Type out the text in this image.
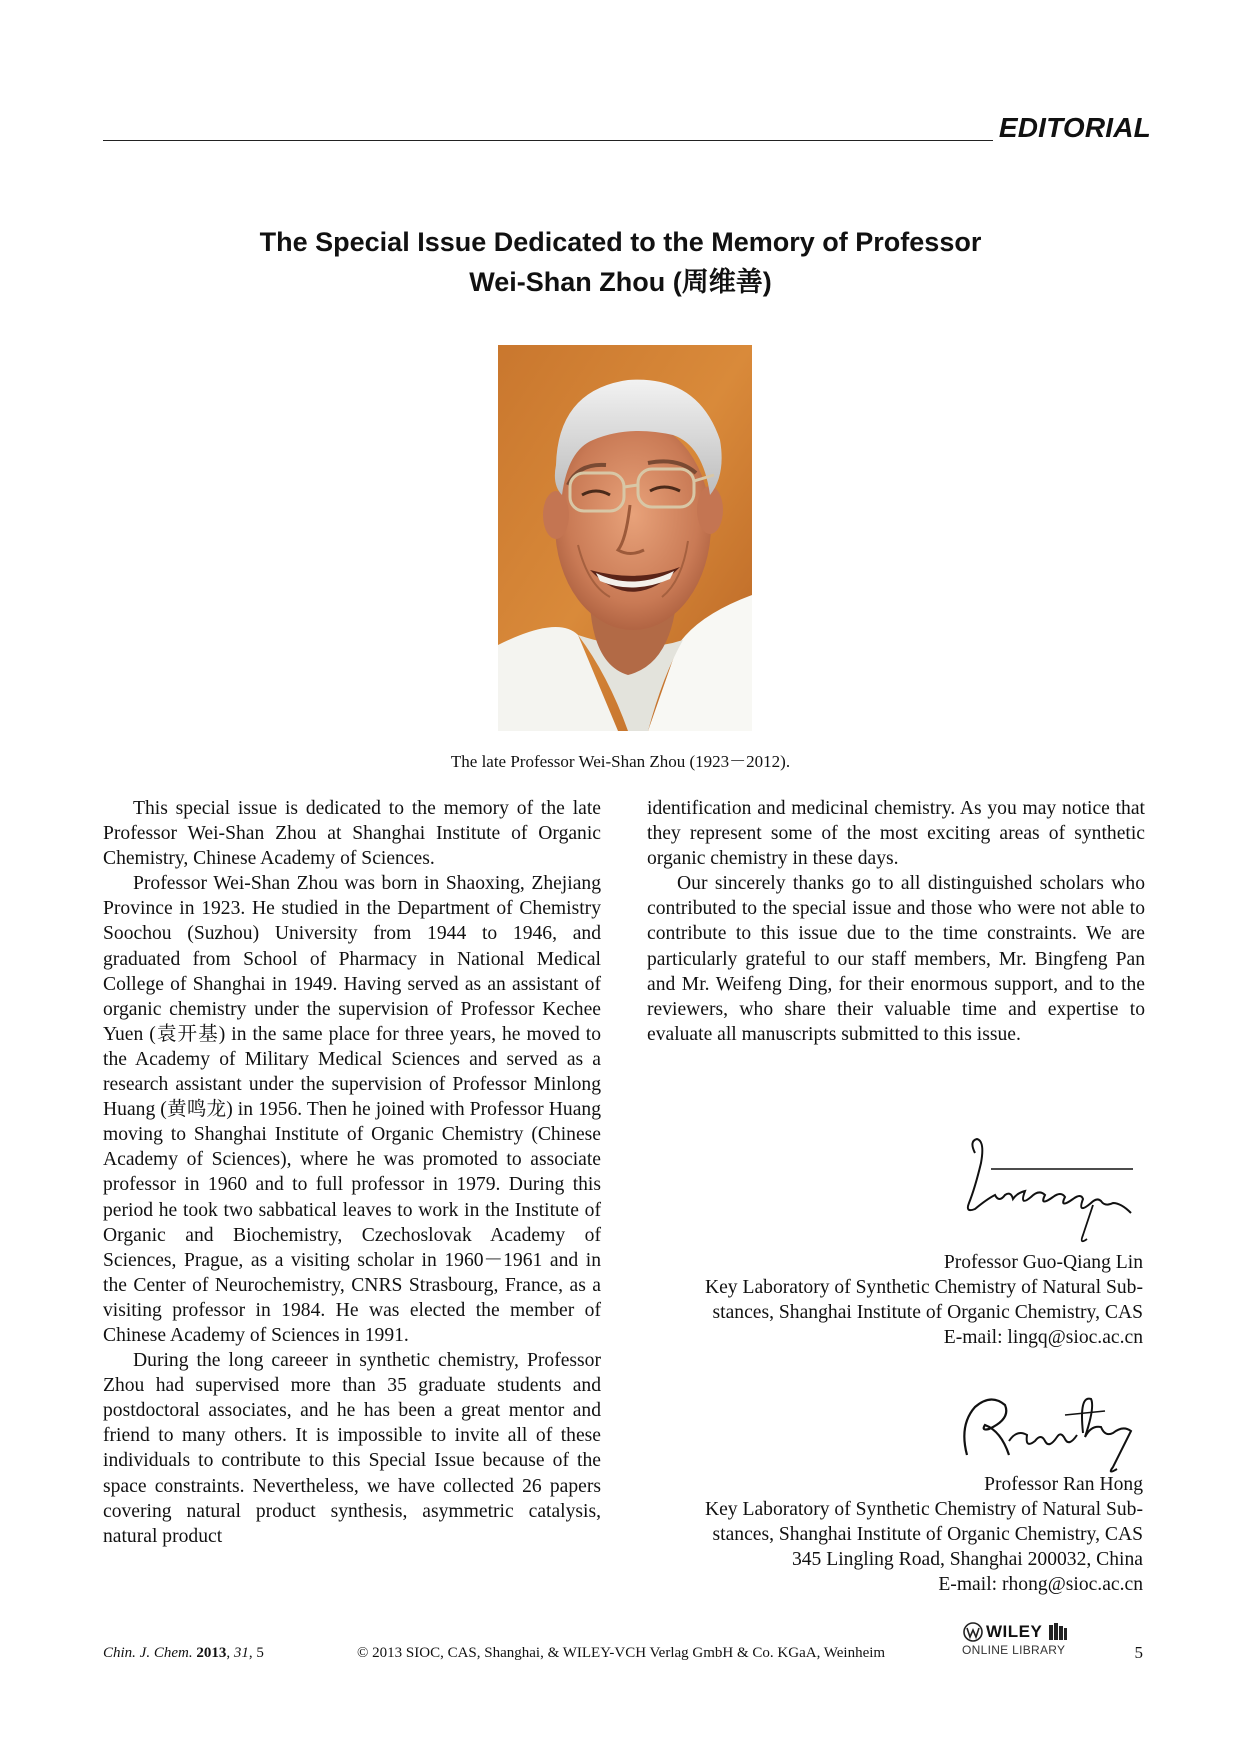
EDITORIAL
The Special Issue Dedicated to the Memory of Professor
Wei-Shan Zhou (周维善)
The late Professor Wei-Shan Zhou (1923－2012).

This special issue is dedicated to the memory of the late Professor Wei-Shan Zhou at Shanghai Institute of Organic Chemistry, Chinese Academy of Sciences.

Professor Wei-Shan Zhou was born in Shaoxing, Zhejiang Province in 1923. He studied in the Department of Chemistry Soochou (Suzhou) University from 1944 to 1946, and graduated from School of Pharmacy in National Medical College of Shanghai in 1949. Having served as an assistant of organic chemistry under the supervision of Professor Kechee Yuen (袁开基) in the same place for three years, he moved to the Academy of Military Medical Sciences and served as a research assistant under the supervision of Professor Minlong Huang (黄鸣龙) in 1956. Then he joined with Professor Huang moving to Shanghai Institute of Organic Chemistry (Chinese Academy of Sciences), where he was promoted to associate professor in 1960 and to full professor in 1979. During this period he took two sabbatical leaves to work in the Institute of Organic and Biochemistry, Czechoslovak Academy of Sciences, Prague, as a visiting scholar in 1960－1961 and in the Center of Neurochemistry, CNRS Strasbourg, France, as a visiting professor in 1984. He was elected the member of Chinese Academy of Sciences in 1991.

During the long careeer in synthetic chemistry, Professor Zhou had supervised more than 35 graduate students and postdoctoral associates, and he has been a great mentor and friend to many others. It is impossible to invite all of these individuals to contribute to this Special Issue because of the space constraints. Nevertheless, we have collected 26 papers covering natural product synthesis, asymmetric catalysis, natural product

identification and medicinal chemistry. As you may notice that they represent some of the most exciting areas of synthetic organic chemistry in these days.

Our sincerely thanks go to all distinguished scholars who contributed to the special issue and those who were not able to contribute to this issue due to the time constraints. We are particularly grateful to our staff members, Mr. Bingfeng Pan and Mr. Weifeng Ding, for their enormous support, and to the reviewers, who share their valuable time and expertise to evaluate all manuscripts submitted to this issue.

Professor Guo-Qiang Lin
Key Laboratory of Synthetic Chemistry of Natural Sub-
stances, Shanghai Institute of Organic Chemistry, CAS
E-mail: lingq@sioc.ac.cn
Professor Ran Hong
Key Laboratory of Synthetic Chemistry of Natural Sub-
stances, Shanghai Institute of Organic Chemistry, CAS
345 Lingling Road, Shanghai 200032, China
E-mail: rhong@sioc.ac.cn
Chin. J. Chem. 2013, 31, 5	© 2013 SIOC, CAS, Shanghai, & WILEY-VCH Verlag GmbH & Co. KGaA, Weinheim
WILEY
ONLINE LIBRARY	5
